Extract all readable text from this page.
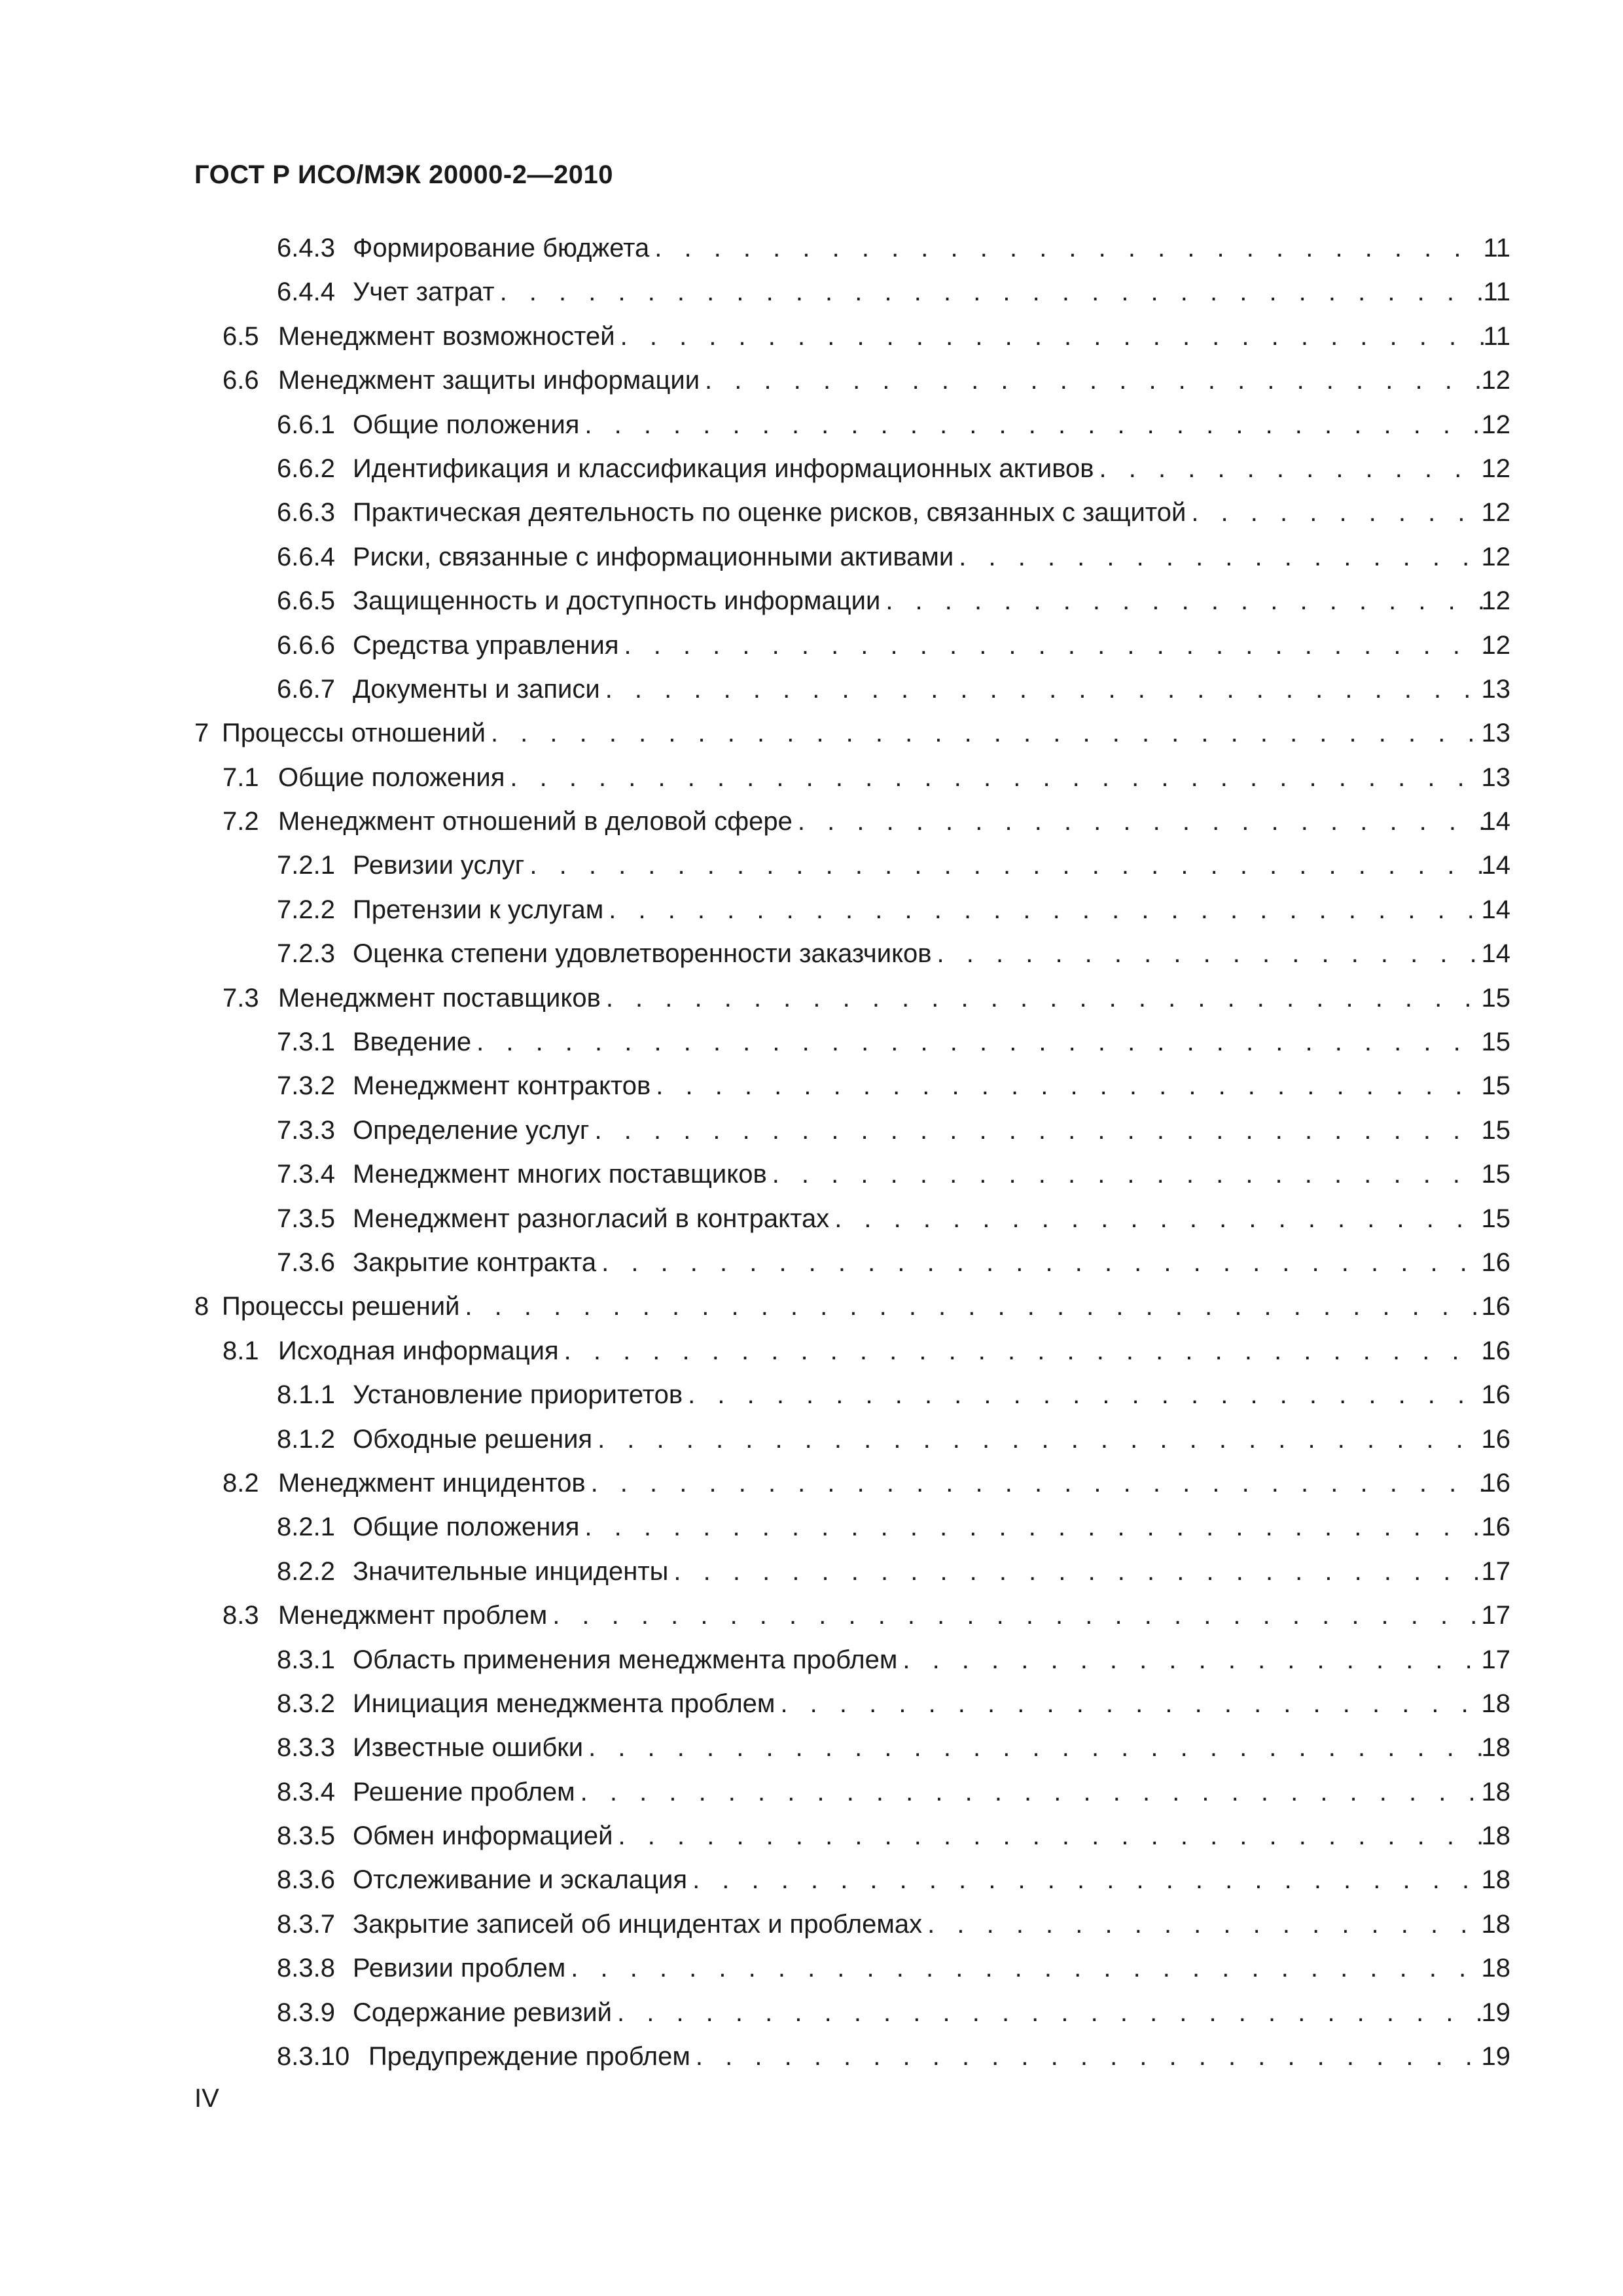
ГОСТ Р ИСО/МЭК 20000-2—2010
6.4.3 Формирование бюджета . . .	11
6.4.4 Учет затрат . . .	11
6.5 Менеджмент возможностей . . .	11
6.6 Менеджмент защиты информации . . .	12
6.6.1 Общие положения . . .	12
6.6.2 Идентификация и классификация информационных активов . . .	12
6.6.3 Практическая деятельность по оценке рисков, связанных с защитой . . .	12
6.6.4 Риски, связанные с информационными активами . . .	12
6.6.5 Защищенность и доступность информации . . .	12
6.6.6 Средства управления . . .	12
6.6.7 Документы и записи . . .	13
7 Процессы отношений . . .	13
7.1 Общие положения . . .	13
7.2 Менеджмент отношений в деловой сфере . . .	14
7.2.1 Ревизии услуг . . .	14
7.2.2 Претензии к услугам . . .	14
7.2.3 Оценка степени удовлетворенности заказчиков . . .	14
7.3 Менеджмент поставщиков . . .	15
7.3.1 Введение . . .	15
7.3.2 Менеджмент контрактов . . .	15
7.3.3 Определение услуг . . .	15
7.3.4 Менеджмент многих поставщиков . . .	15
7.3.5 Менеджмент разногласий в контрактах . . .	15
7.3.6 Закрытие контракта . . .	16
8 Процессы решений . . .	16
8.1 Исходная информация . . .	16
8.1.1 Установление приоритетов . . .	16
8.1.2 Обходные решения . . .	16
8.2 Менеджмент инцидентов . . .	16
8.2.1 Общие положения . . .	16
8.2.2 Значительные инциденты . . .	17
8.3 Менеджмент проблем . . .	17
8.3.1 Область применения менеджмента проблем . . .	17
8.3.2 Инициация менеджмента проблем . . .	18
8.3.3 Известные ошибки . . .	18
8.3.4 Решение проблем . . .	18
8.3.5 Обмен информацией . . .	18
8.3.6 Отслеживание и эскалация . . .	18
8.3.7 Закрытие записей об инцидентах и проблемах . . .	18
8.3.8 Ревизии проблем . . .	18
8.3.9 Содержание ревизий . . .	19
8.3.10 Предупреждение проблем . . .	19
IV
